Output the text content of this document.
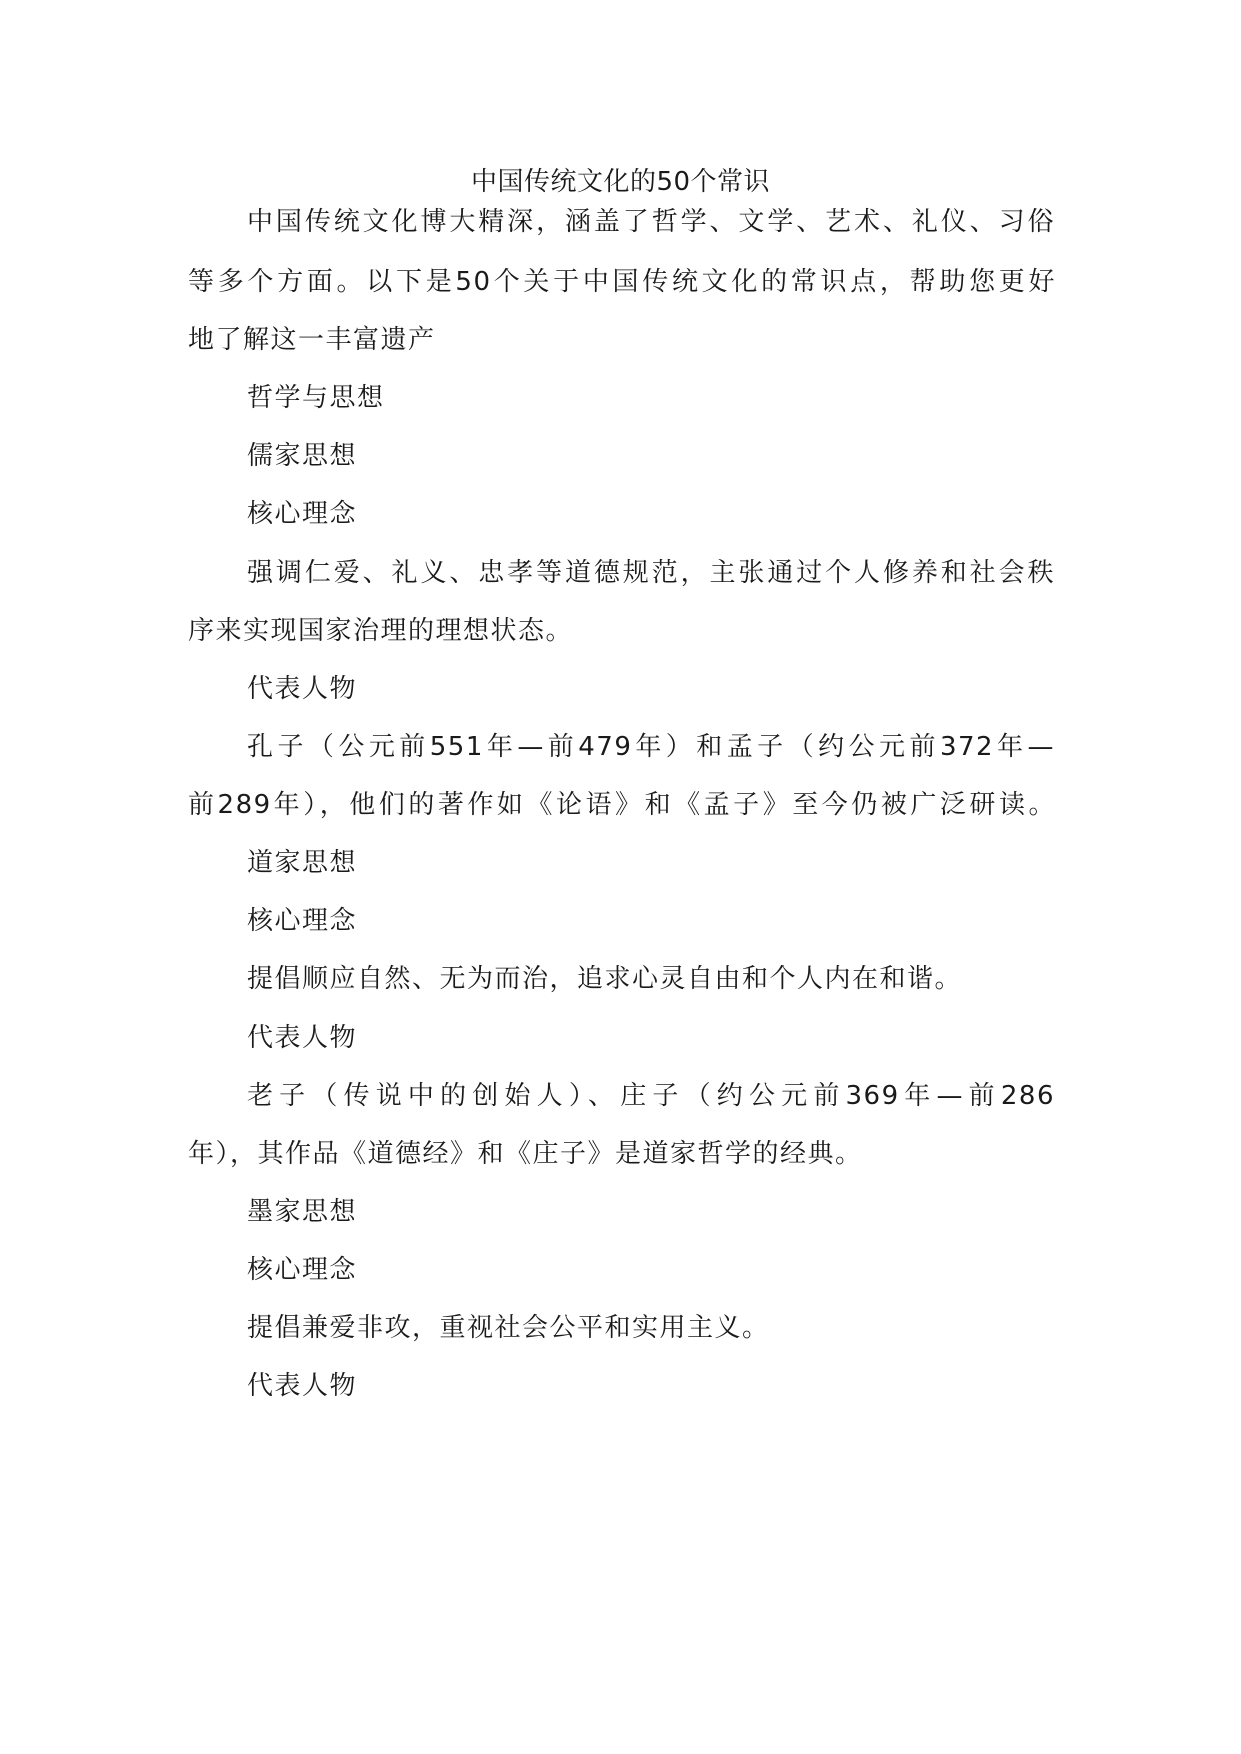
中国传统文化的50个常识
中国传统文化博大精深，涵盖了哲学、文学、艺术、礼仪、习俗
等多个方面。以下是50个关于中国传统文化的常识点，帮助您更好
地了解这一丰富遗产
哲学与思想
儒家思想
核心理念
强调仁爱、礼义、忠孝等道德规范，主张通过个人修养和社会秩
序来实现国家治理的理想状态。
代表人物
孔子（公元前551年—前479年）和孟子（约公元前372年—
前289年），他们的著作如《论语》和《孟子》至今仍被广泛研读。
道家思想
核心理念
提倡顺应自然、无为而治，追求心灵自由和个人内在和谐。
代表人物
老子（传说中的创始人）、庄子（约公元前369年—前286
年），其作品《道德经》和《庄子》是道家哲学的经典。
墨家思想
核心理念
提倡兼爱非攻，重视社会公平和实用主义。
代表人物
